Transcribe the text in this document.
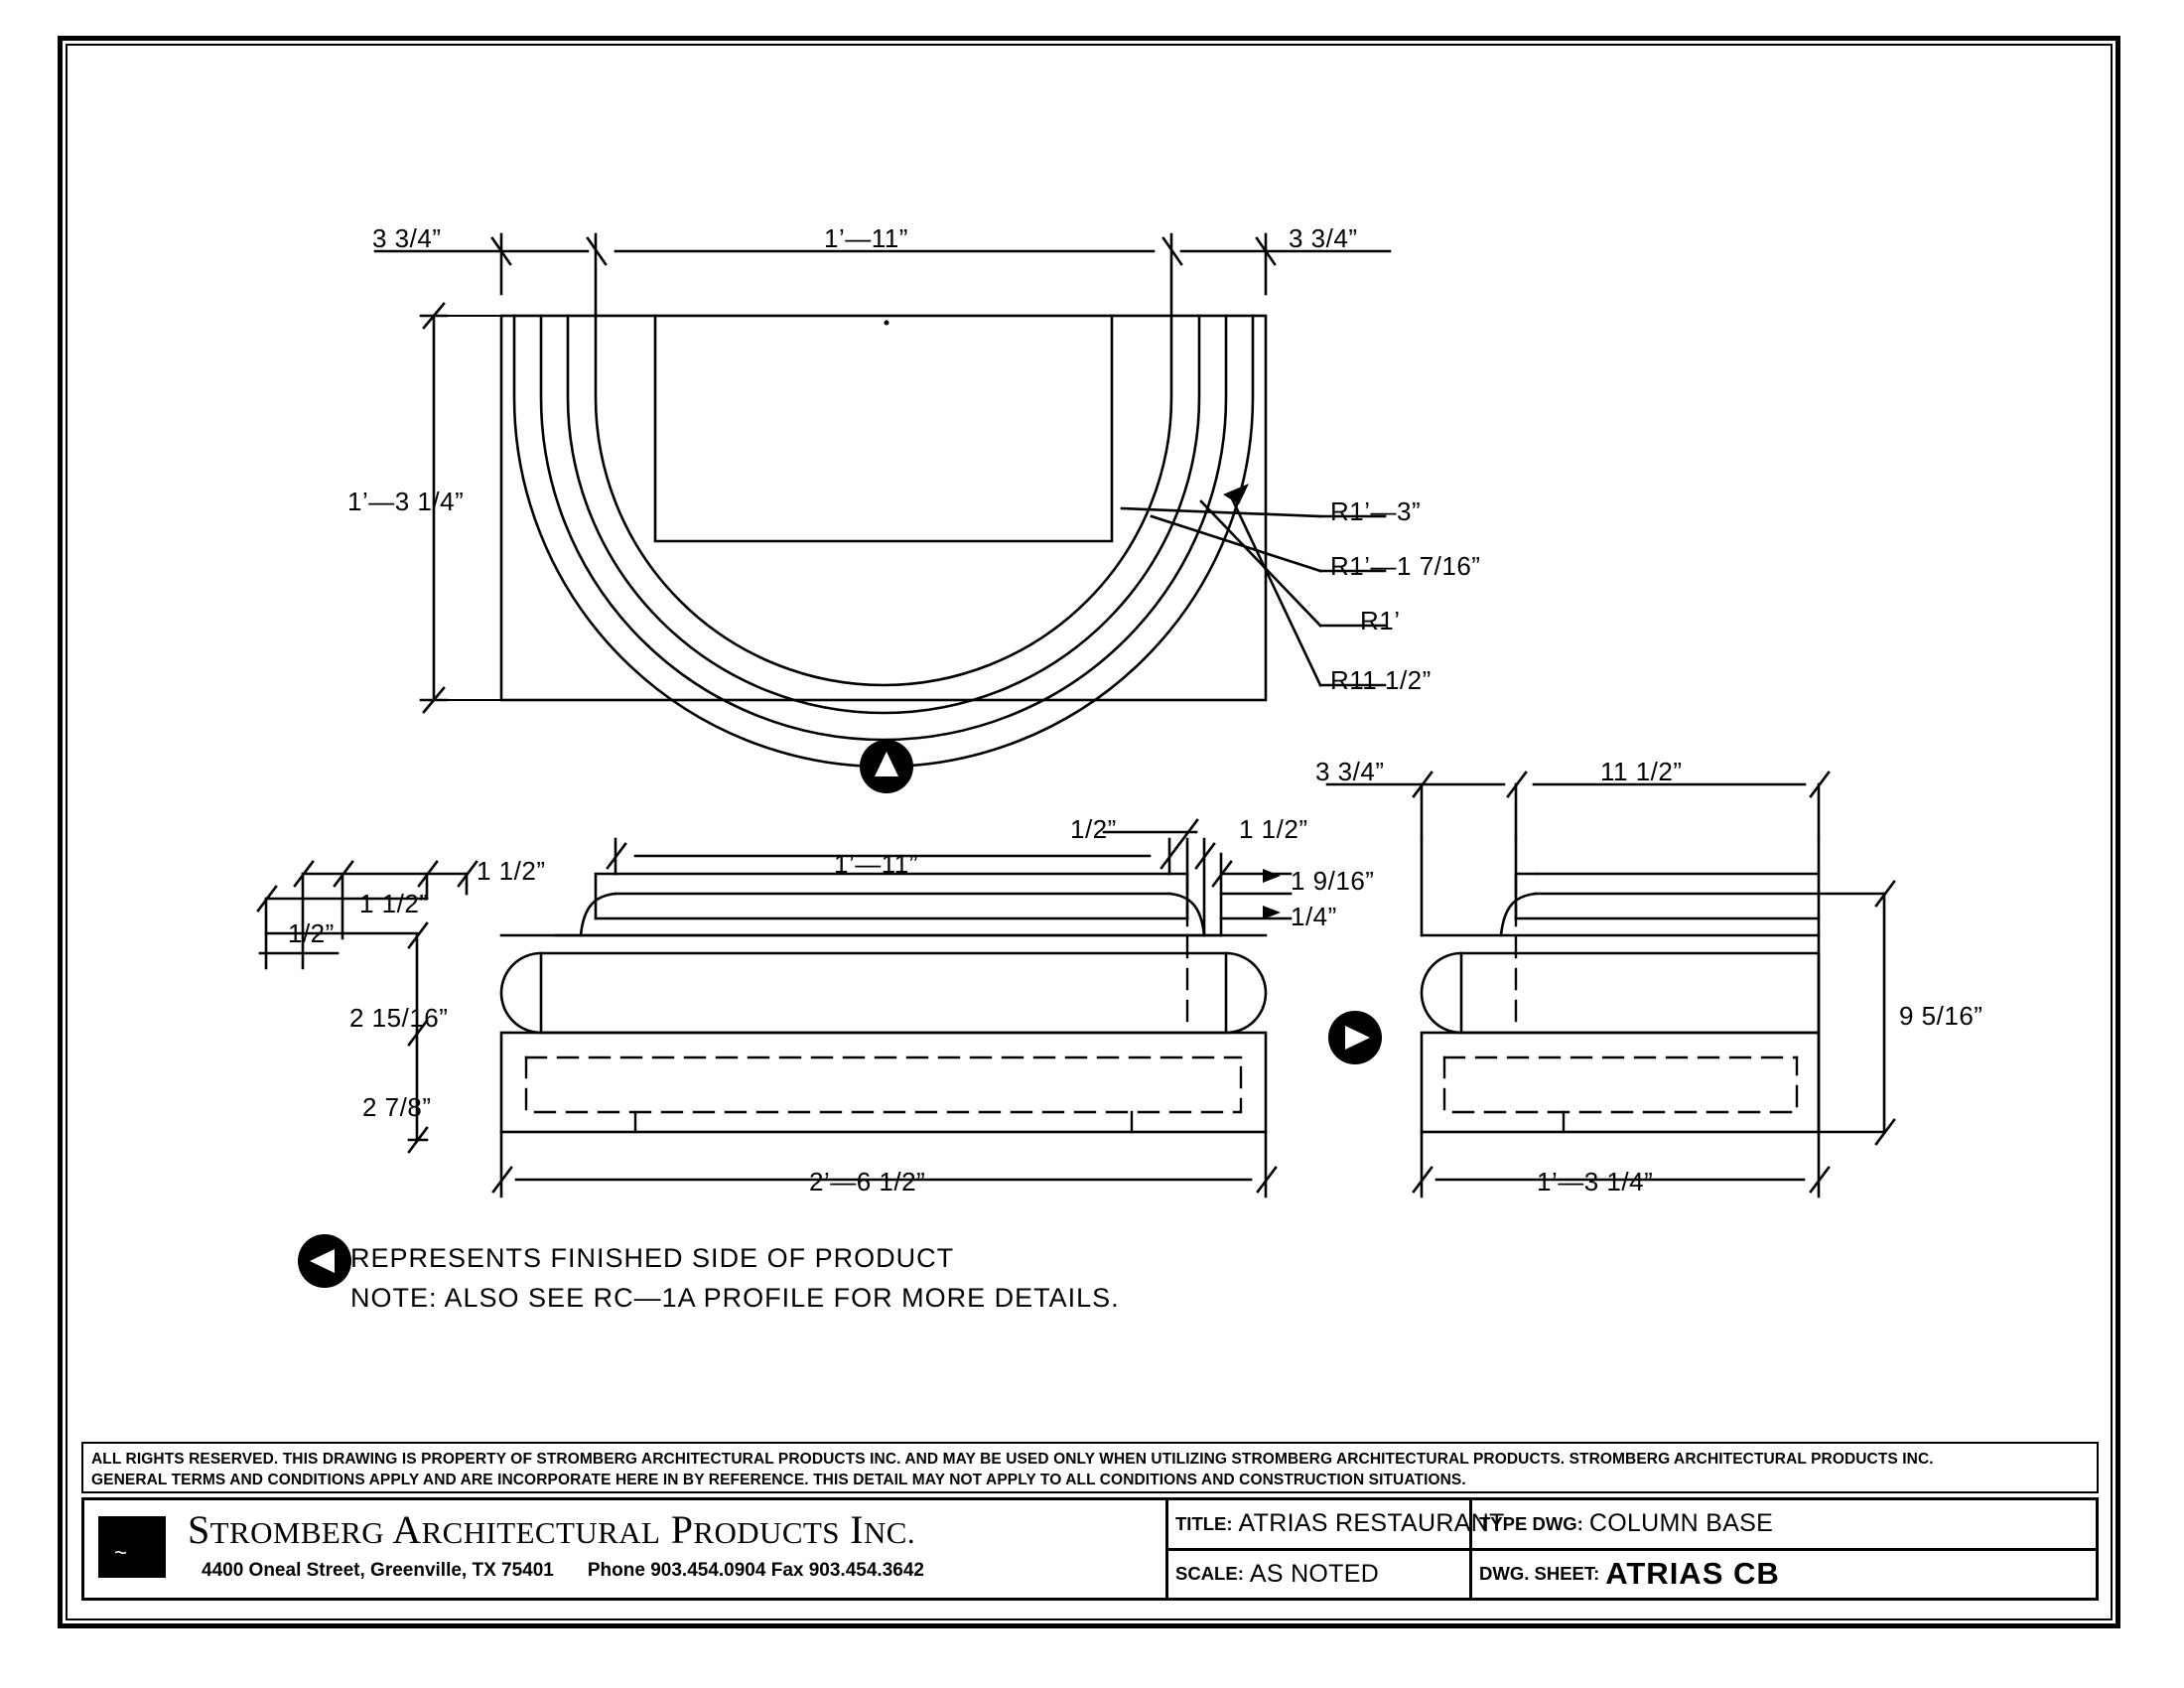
3 3/4”	1’—11”	3 3/4”
1’—3 1/4”	R1’—3”
R1’—1 7/16”
R1’
R11 1/2”
1’—11”
1 1/2”
1 1/2”
1/2”
2 15/16”
2 7/8”
2’—6 1/2”
1/2”	1 1/2”
1 9/16”
1/4”
3 3/4”	11 1/2”
9 5/16”
1’—3 1/4”
REPRESENTS FINISHED SIDE OF PRODUCT
NOTE: ALSO SEE RC—1A PROFILE FOR MORE DETAILS.
ALL RIGHTS RESERVED. THIS DRAWING IS PROPERTY OF STROMBERG ARCHITECTURAL PRODUCTS INC. AND MAY BE USED ONLY WHEN UTILIZING STROMBERG ARCHITECTURAL PRODUCTS. STROMBERG ARCHITECTURAL PRODUCTS INC.
GENERAL TERMS AND CONDITIONS APPLY AND ARE INCORPORATE HERE IN BY REFERENCE. THIS DETAIL MAY NOT APPLY TO ALL CONDITIONS AND CONSTRUCTION SITUATIONS.
~
STROMBERG ARCHITECTURAL PRODUCTS INC.
4400 Oneal Street, Greenville, TX 75401 Phone 903.454.0904 Fax 903.454.3642
TITLE: ATRIAS RESTAURANT
TYPE DWG: COLUMN BASE
SCALE: AS NOTED	DWG. SHEET: ATRIAS CB
